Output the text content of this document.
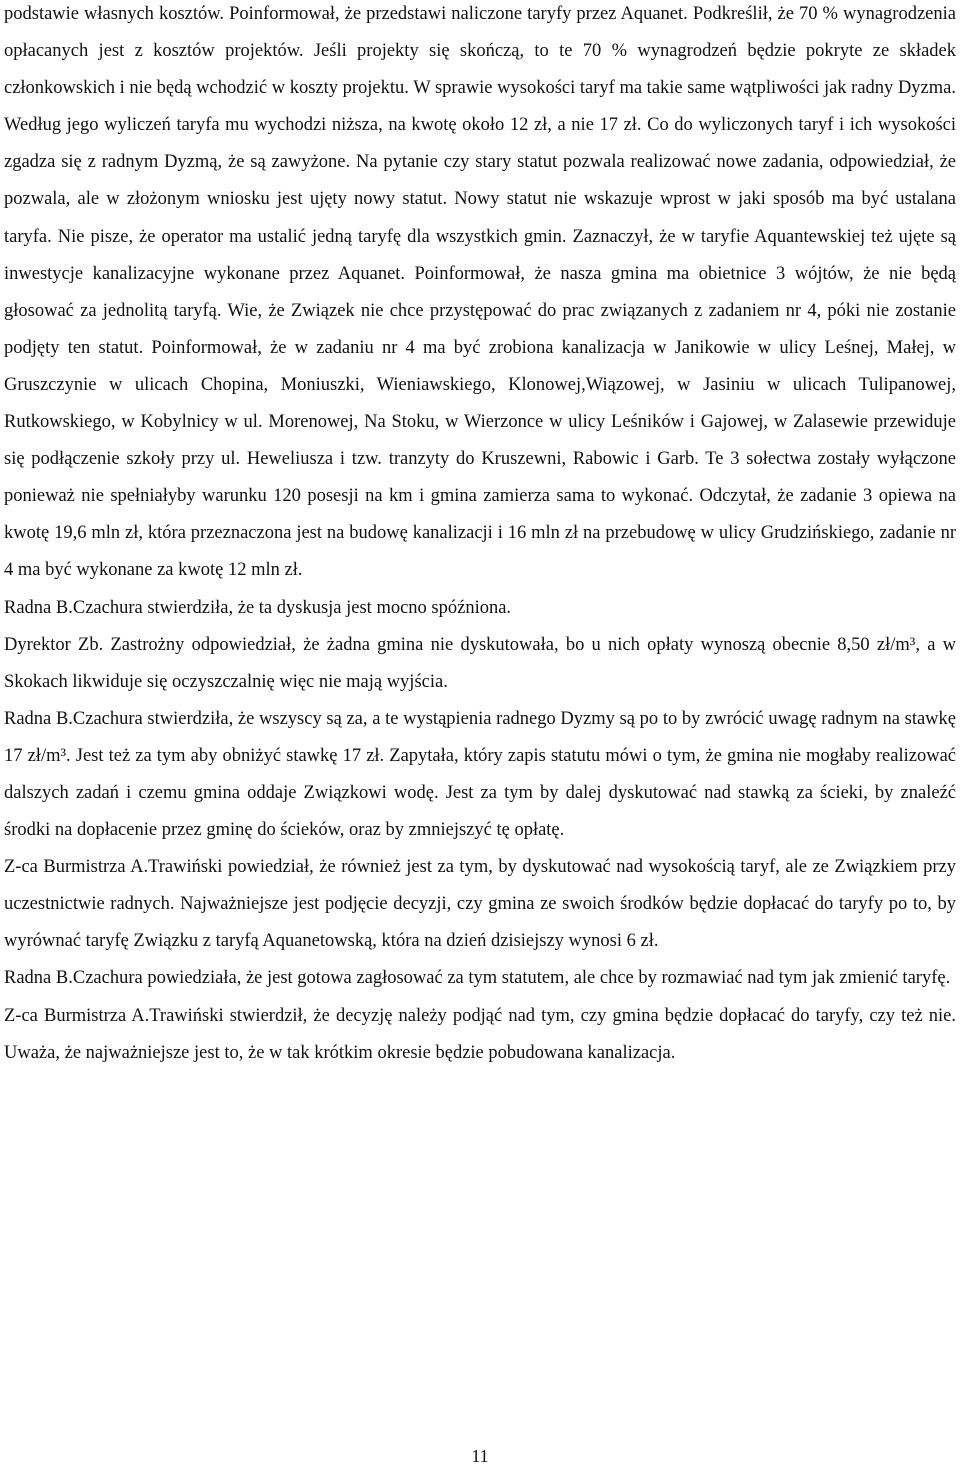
podstawie własnych kosztów. Poinformował, że przedstawi naliczone taryfy przez Aquanet. Podkreślił, że 70 % wynagrodzenia opłacanych jest z kosztów projektów. Jeśli projekty się skończą, to te 70 % wynagrodzeń będzie pokryte ze składek członkowskich i nie będą wchodzić w koszty projektu. W sprawie wysokości taryf ma takie same wątpliwości jak radny Dyzma. Według jego wyliczeń taryfa mu wychodzi niższa, na kwotę około 12 zł, a nie 17 zł. Co do wyliczonych taryf i ich wysokości zgadza się z radnym Dyzmą, że są zawyżone. Na pytanie czy stary statut pozwala realizować nowe zadania, odpowiedział, że pozwala, ale w złożonym wniosku jest ujęty nowy statut. Nowy statut nie wskazuje wprost w jaki sposób ma być ustalana taryfa. Nie pisze, że operator ma ustalić jedną taryfę dla wszystkich gmin. Zaznaczył, że w taryfie Aquantewskiej też ujęte są inwestycje kanalizacyjne wykonane przez Aquanet. Poinformował, że nasza gmina ma obietnice 3 wójtów, że nie będą głosować za jednolitą taryfą. Wie, że Związek nie chce przystępować do prac związanych z zadaniem nr 4, póki nie zostanie podjęty ten statut. Poinformował, że w zadaniu nr 4 ma być zrobiona kanalizacja w Janikowie w ulicy Leśnej, Małej, w Gruszczynie w ulicach Chopina, Moniuszki, Wieniawskiego, Klonowej,Wiązowej, w Jasiniu w ulicach Tulipanowej, Rutkowskiego, w Kobylnicy w ul. Morenowej, Na Stoku, w Wierzonce w ulicy Leśników i Gajowej, w Zalasewie przewiduje się podłączenie szkoły przy ul. Heweliusza i tzw. tranzyty do Kruszewni, Rabowic i Garb. Te 3 sołectwa zostały wyłączone ponieważ nie spełniałyby warunku 120 posesji na km i gmina zamierza sama to wykonać. Odczytał, że zadanie 3 opiewa na kwotę 19,6 mln zł, która przeznaczona jest na budowę kanalizacji i 16 mln zł na przebudowę w ulicy Grudzińskiego, zadanie nr 4 ma być wykonane za kwotę 12 mln zł.

Radna B.Czachura stwierdziła, że ta dyskusja jest mocno spóźniona.

Dyrektor Zb. Zastrożny odpowiedział, że żadna gmina nie dyskutowała, bo u nich opłaty wynoszą obecnie 8,50 zł/m³, a w Skokach likwiduje się oczyszczalnię więc nie mają wyjścia.

Radna B.Czachura stwierdziła, że wszyscy są za, a te wystąpienia radnego Dyzmy są po to by zwrócić uwagę radnym na stawkę 17 zł/m³. Jest też za tym aby obniżyć stawkę 17 zł. Zapytała, który zapis statutu mówi o tym, że gmina nie mogłaby realizować dalszych zadań i czemu gmina oddaje Związkowi wodę. Jest za tym by dalej dyskutować nad stawką za ścieki, by znaleźć środki na dopłacenie przez gminę do ścieków, oraz by zmniejszyć tę opłatę.

Z-ca Burmistrza A.Trawiński powiedział, że również jest za tym, by dyskutować nad wysokością taryf, ale ze Związkiem przy uczestnictwie radnych. Najważniejsze jest podjęcie decyzji, czy gmina ze swoich środków będzie dopłacać do taryfy po to, by wyrównać taryfę Związku z taryfą Aquanetowską, która na dzień dzisiejszy wynosi 6 zł.

Radna B.Czachura powiedziała, że jest gotowa zagłosować za tym statutem, ale chce by rozmawiać nad tym jak zmienić taryfę.

Z-ca Burmistrza A.Trawiński stwierdził, że decyzję należy podjąć nad tym, czy gmina będzie dopłacać do taryfy, czy też nie. Uważa, że najważniejsze jest to, że w tak krótkim okresie będzie pobudowana kanalizacja.

11
